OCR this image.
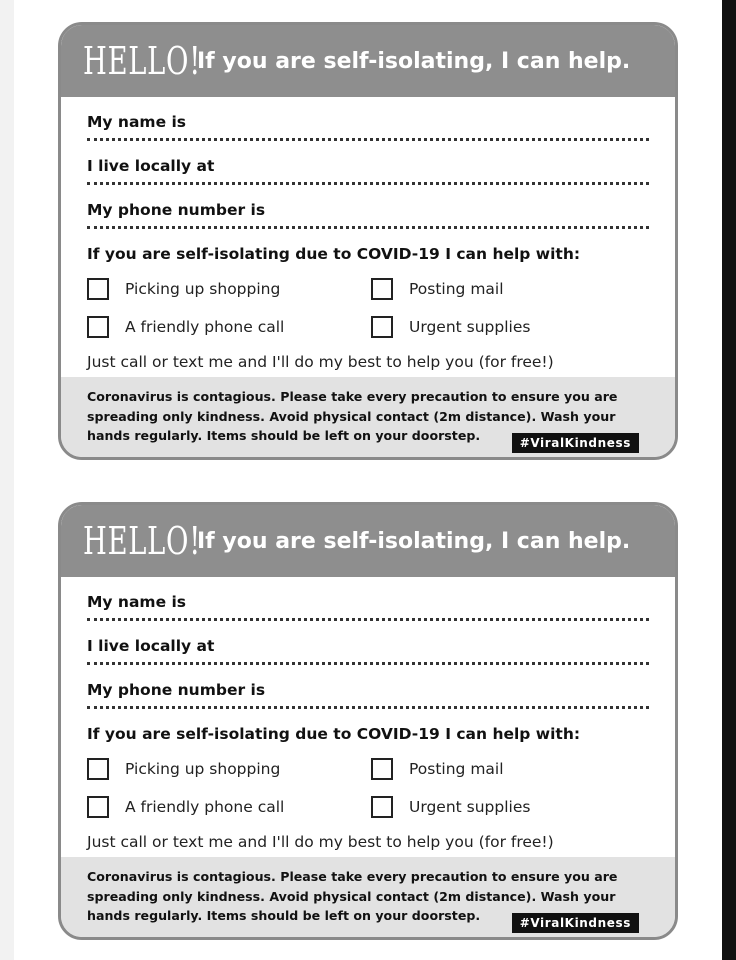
HELLO!
If you are self-isolating, I can help.
My name is
I live locally at
My phone number is
If you are self-isolating due to COVID-19 I can help with:
Picking up shopping	Posting mail
A friendly phone call	Urgent supplies
Just call or text me and I'll do my best to help you (for free!)
Coronavirus is contagious. Please take every precaution to ensure you are spreading only kindness. Avoid physical contact (2m distance). Wash your hands regularly. Items should be left on your doorstep.	#ViralKindness
HELLO!
If you are self-isolating, I can help.
My name is
I live locally at
My phone number is
If you are self-isolating due to COVID-19 I can help with:
Picking up shopping	Posting mail
A friendly phone call	Urgent supplies
Just call or text me and I'll do my best to help you (for free!)
Coronavirus is contagious. Please take every precaution to ensure you are spreading only kindness. Avoid physical contact (2m distance). Wash your hands regularly. Items should be left on your doorstep.	#ViralKindness
